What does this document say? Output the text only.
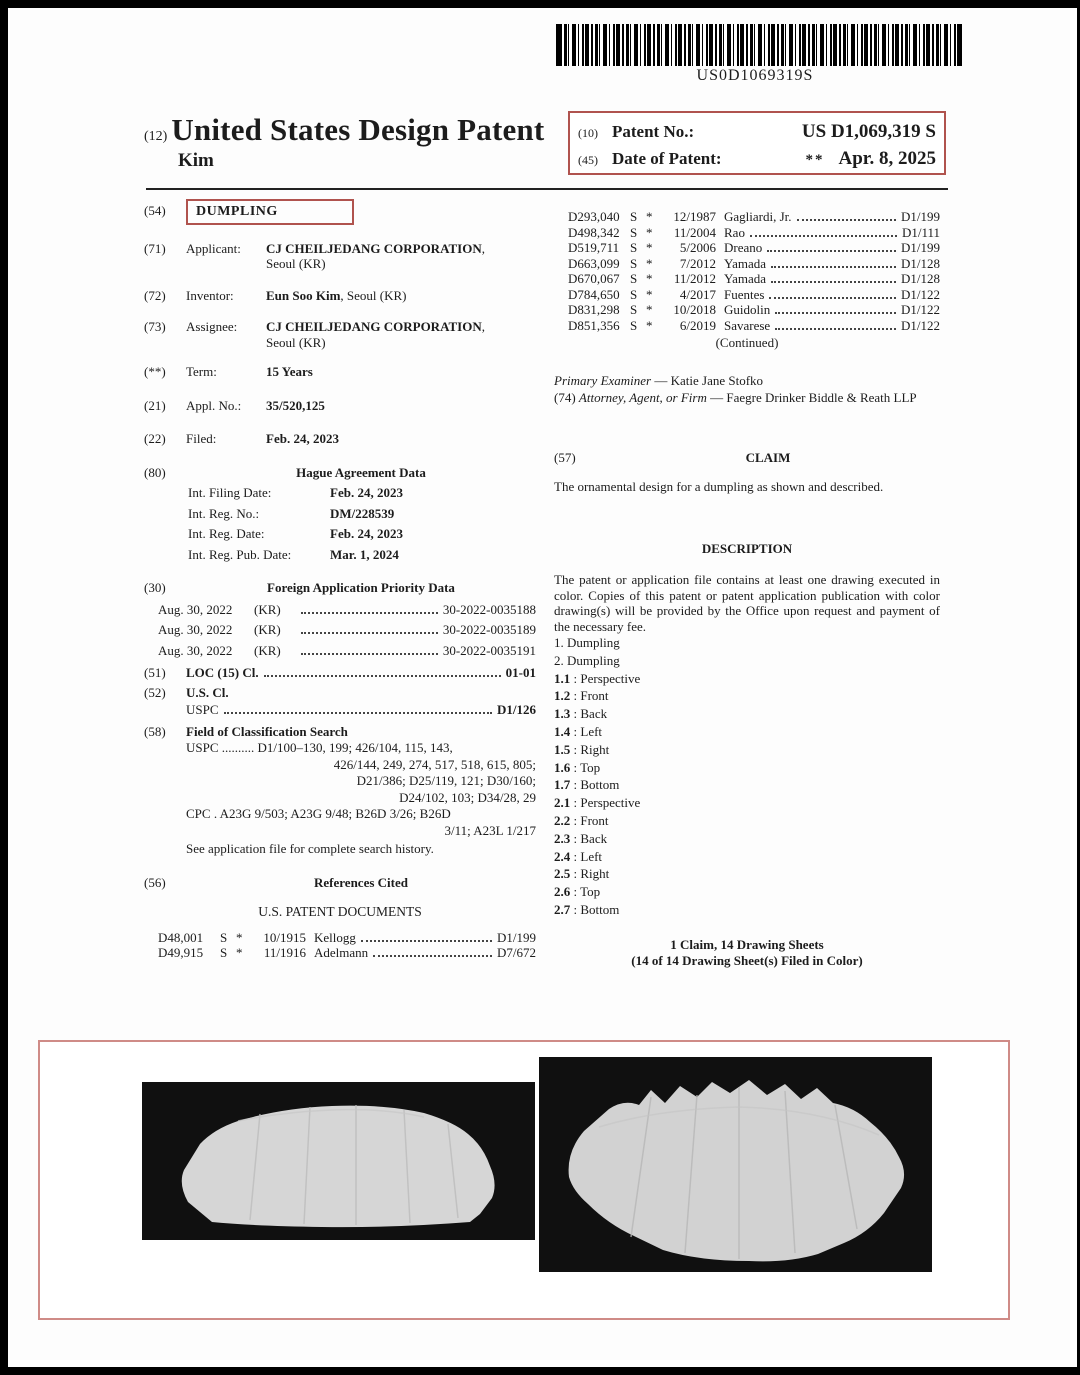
US0D1069319S
(12) United States Design Patent
Kim
(10) Patent No.:	US D1,069,319 S
(45) Date of Patent:	** Apr. 8, 2025
(54)	DUMPLING
(71)	Applicant:	CJ CHEILJEDANG CORPORATION, Seoul (KR)
(72)	Inventor:	Eun Soo Kim, Seoul (KR)
(73)	Assignee:	CJ CHEILJEDANG CORPORATION, Seoul (KR)
(**)	Term:	15 Years
(21)	Appl. No.:	35/520,125
(22)	Filed:	Feb. 24, 2023
(80)	Hague Agreement Data
Int. Filing Date:	Feb. 24, 2023
Int. Reg. No.:	DM/228539
Int. Reg. Date:	Feb. 24, 2023
Int. Reg. Pub. Date:	Mar. 1, 2024
(30)	Foreign Application Priority Data
Aug. 30, 2022	(KR)	30-2022-0035188
Aug. 30, 2022	(KR)	30-2022-0035189
Aug. 30, 2022	(KR)	30-2022-0035191
(51)	LOC (15) Cl.	01-01
(52)	U.S. Cl.
USPC	D1/126
(58)	Field of Classification Search
USPC .......... D1/100–130, 199; 426/104, 115, 143,
426/144, 249, 274, 517, 518, 615, 805;
D21/386; D25/119, 121; D30/160;
D24/102, 103; D34/28, 29
CPC . A23G 9/503; A23G 9/48; B26D 3/26; B26D
3/11; A23L 1/217
See application file for complete search history.
(56)	References Cited
U.S. PATENT DOCUMENTS
D48,001	S *	10/1915 Kellogg	D1/199
D49,915	S *	11/1916 Adelmann	D7/672
D293,040 S *	12/1987 Gagliardi, Jr.	D1/199
D498,342 S *	11/2004 Rao	D1/111
D519,711 S *	5/2006 Dreano	D1/199
D663,099 S *	7/2012 Yamada	D1/128
D670,067 S *	11/2012 Yamada	D1/128
D784,650 S *	4/2017 Fuentes	D1/122
D831,298 S *	10/2018 Guidolin	D1/122
D851,356 S *	6/2019 Savarese	D1/122
(Continued)

Primary Examiner — Katie Jane Stofko

(74) Attorney, Agent, or Firm — Faegre Drinker Biddle & Reath LLP

(57)	CLAIM

The ornamental design for a dumpling as shown and described.

DESCRIPTION

The patent or application file contains at least one drawing executed in color. Copies of this patent or patent application publication with color drawing(s) will be provided by the Office upon request and payment of the necessary fee.

1. Dumpling
2. Dumpling
1.1 : Perspective
1.2 : Front
1.3 : Back
1.4 : Left
1.5 : Right
1.6 : Top
1.7 : Bottom
2.1 : Perspective
2.2 : Front
2.3 : Back
2.4 : Left
2.5 : Right
2.6 : Top
2.7 : Bottom
1 Claim, 14 Drawing Sheets
(14 of 14 Drawing Sheet(s) Filed in Color)
